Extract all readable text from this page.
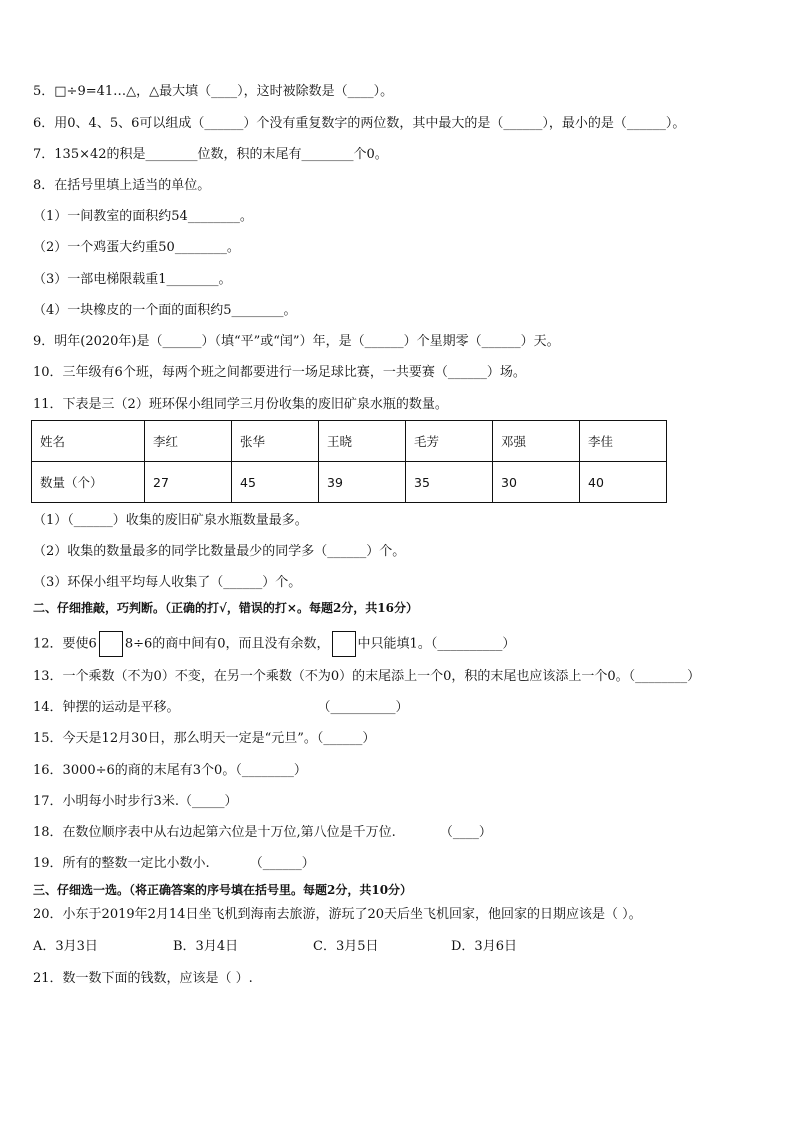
5．□÷9=41…△，△最大填（____），这时被除数是（____）。
6．用0、4、5、6可以组成（______）个没有重复数字的两位数，其中最大的是（______），最小的是（______）。
7．135×42的积是________位数，积的末尾有________个0。
8．在括号里填上适当的单位。
（1）一间教室的面积约54________。
（2）一个鸡蛋大约重50________。
（3）一部电梯限载重1________。
（4）一块橡皮的一个面的面积约5________。
9．明年(2020年)是（______）（填“平”或“闰”）年，是（______）个星期零（______）天。
10．三年级有6个班，每两个班之间都要进行一场足球比赛，一共要赛（______）场。
11．下表是三（2）班环保小组同学三月份收集的废旧矿泉水瓶的数量。
姓名	李红	张华	王晓	毛芳	邓强	李佳
数量（个）	27	45	39	35	30	40
（1）（______）收集的废旧矿泉水瓶数量最多。
（2）收集的数量最多的同学比数量最少的同学多（______）个。
（3）环保小组平均每人收集了（______）个。
二、仔细推敲，巧判断。（正确的打√，错误的打×。每题2分，共16分）
12．要使6 8÷6的商中间有0，而且没有余数， 中只能填1。（__________）
13．一个乘数（不为0）不变，在另一个乘数（不为0）的末尾添上一个0，积的末尾也应该添上一个0。（________）
14．钟摆的运动是平移。	（__________）
15．今天是12月30日，那么明天一定是“元旦”。（______）
16．3000÷6的商的末尾有3个0。（________）
17．小明每小时步行3米.（_____）
18．在数位顺序表中从右边起第六位是十万位,第八位是千万位.	（____）
19．所有的整数一定比小数小.	（______）
三、仔细选一选。（将正确答案的序号填在括号里。每题2分，共10分）
20．小东于2019年2月14日坐飞机到海南去旅游，游玩了20天后坐飞机回家，他回家的日期应该是（ ）。
A．3月3日	B．3月4日	C．3月5日	D．3月6日
21．数一数下面的钱数，应该是（ ）.
